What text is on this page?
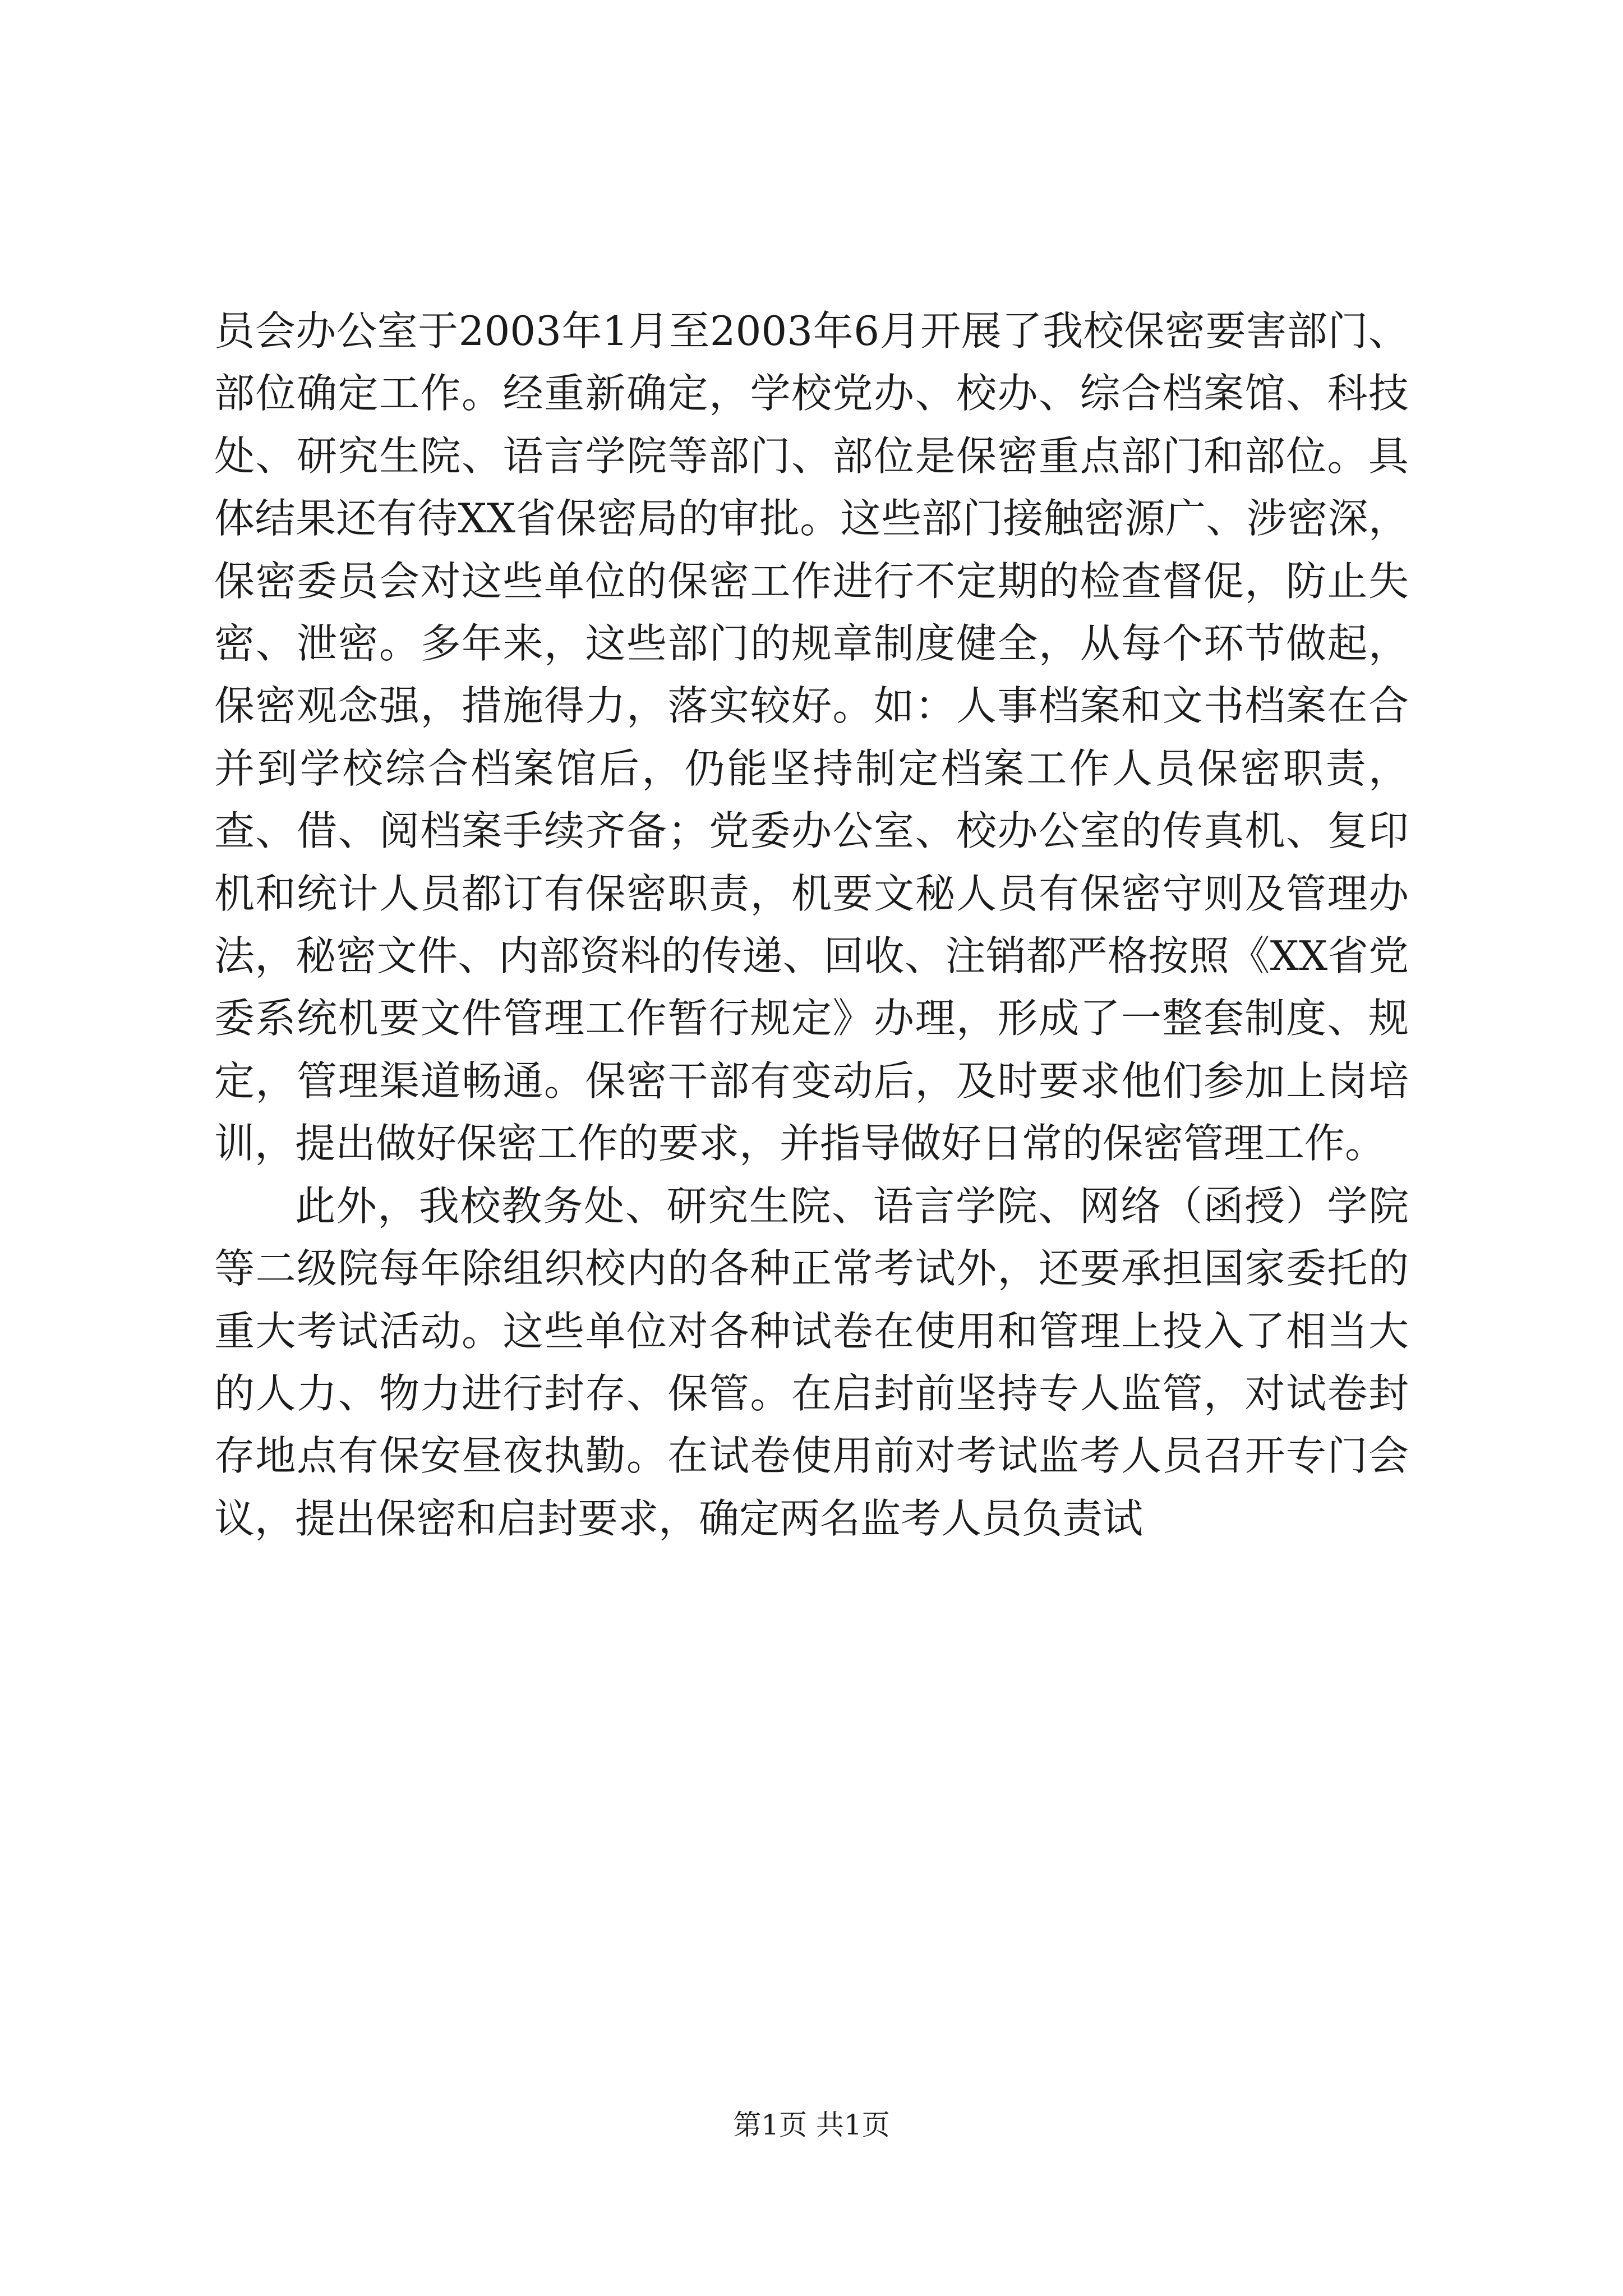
员会办公室于2003年1月至2003年6月开展了我校保密要害部门、部位确定工作。经重新确定，学校党办、校办、综合档案馆、科技处、研究生院、语言学院等部门、部位是保密重点部门和部位。具体结果还有待XX省保密局的审批。这些部门接触密源广、涉密深，保密委员会对这些单位的保密工作进行不定期的检查督促，防止失密、泄密。多年来，这些部门的规章制度健全，从每个环节做起，保密观念强，措施得力，落实较好。如：人事档案和文书档案在合并到学校综合档案馆后，仍能坚持制定档案工作人员保密职责，查、借、阅档案手续齐备；党委办公室、校办公室的传真机、复印机和统计人员都订有保密职责，机要文秘人员有保密守则及管理办法，秘密文件、内部资料的传递、回收、注销都严格按照《XX省党委系统机要文件管理工作暂行规定》办理，形成了一整套制度、规定，管理渠道畅通。保密干部有变动后，及时要求他们参加上岗培训，提出做好保密工作的要求，并指导做好日常的保密管理工作。

此外，我校教务处、研究生院、语言学院、网络（函授）学院等二级院每年除组织校内的各种正常考试外，还要承担国家委托的重大考试活动。这些单位对各种试卷在使用和管理上投入了相当大的人力、物力进行封存、保管。在启封前坚持专人监管，对试卷封存地点有保安昼夜执勤。在试卷使用前对考试监考人员召开专门会议，提出保密和启封要求，确定两名监考人员负责试

第1页 共1页
